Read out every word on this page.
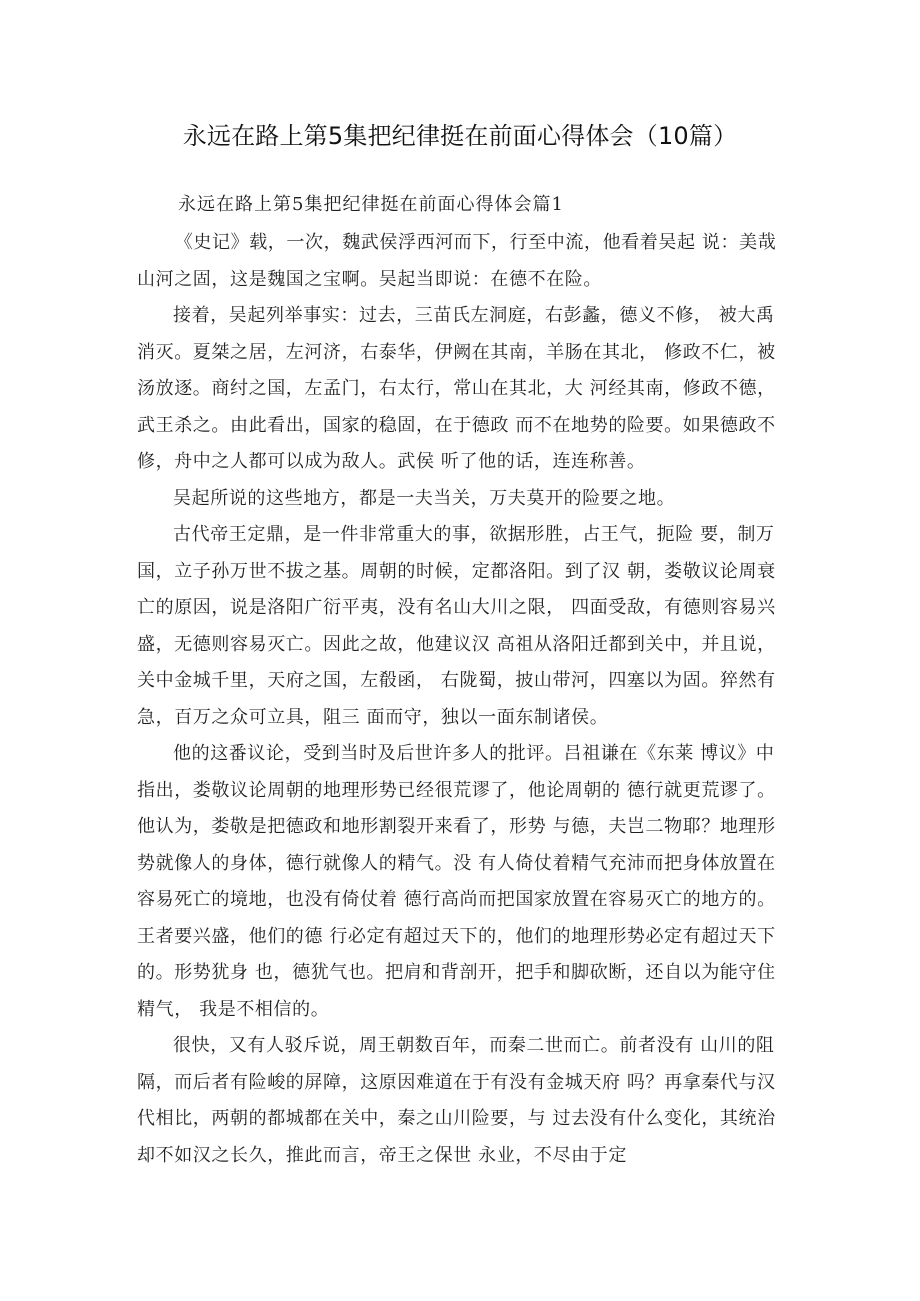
永远在路上第5集把纪律挺在前面心得体会（10篇）
永远在路上第5集把纪律挺在前面心得体会篇1

《史记》载，一次，魏武侯浮西河而下，行至中流，他看着吴起 说：美哉山河之固，这是魏国之宝啊。吴起当即说：在德不在险。

接着，吴起列举事实：过去，三苗氏左洞庭，右彭蠡，德义不修， 被大禹消灭。夏桀之居，左河济，右泰华，伊阙在其南，羊肠在其北， 修政不仁，被汤放逐。商纣之国，左孟门，右太行，常山在其北，大 河经其南，修政不德，武王杀之。由此看出，国家的稳固，在于德政 而不在地势的险要。如果德政不修，舟中之人都可以成为敌人。武侯 听了他的话，连连称善。

吴起所说的这些地方，都是一夫当关，万夫莫开的险要之地。

古代帝王定鼎，是一件非常重大的事，欲据形胜，占王气，扼险 要，制万国，立子孙万世不拔之基。周朝的时候，定都洛阳。到了汉 朝，娄敬议论周衰亡的原因，说是洛阳广衍平夷，没有名山大川之限， 四面受敌，有德则容易兴盛，无德则容易灭亡。因此之故，他建议汉 高祖从洛阳迁都到关中，并且说，关中金城千里，天府之国，左殽函， 右陇蜀，披山带河，四塞以为固。猝然有急，百万之众可立具，阻三 面而守，独以一面东制诸侯。

他的这番议论，受到当时及后世许多人的批评。吕祖谦在《东莱 博议》中指出，娄敬议论周朝的地理形势已经很荒谬了，他论周朝的 德行就更荒谬了。他认为，娄敬是把德政和地形割裂开来看了，形势 与德，夫岂二物耶？地理形势就像人的身体，德行就像人的精气。没 有人倚仗着精气充沛而把身体放置在容易死亡的境地，也没有倚仗着 德行高尚而把国家放置在容易灭亡的地方的。王者要兴盛，他们的德 行必定有超过天下的，他们的地理形势必定有超过天下的。形势犹身 也，德犹气也。把肩和背剖开，把手和脚砍断，还自以为能守住精气， 我是不相信的。

很快，又有人驳斥说，周王朝数百年，而秦二世而亡。前者没有 山川的阻隔，而后者有险峻的屏障，这原因难道在于有没有金城天府 吗？再拿秦代与汉代相比，两朝的都城都在关中，秦之山川险要，与 过去没有什么变化，其统治却不如汉之长久，推此而言，帝王之保世 永业，不尽由于定
